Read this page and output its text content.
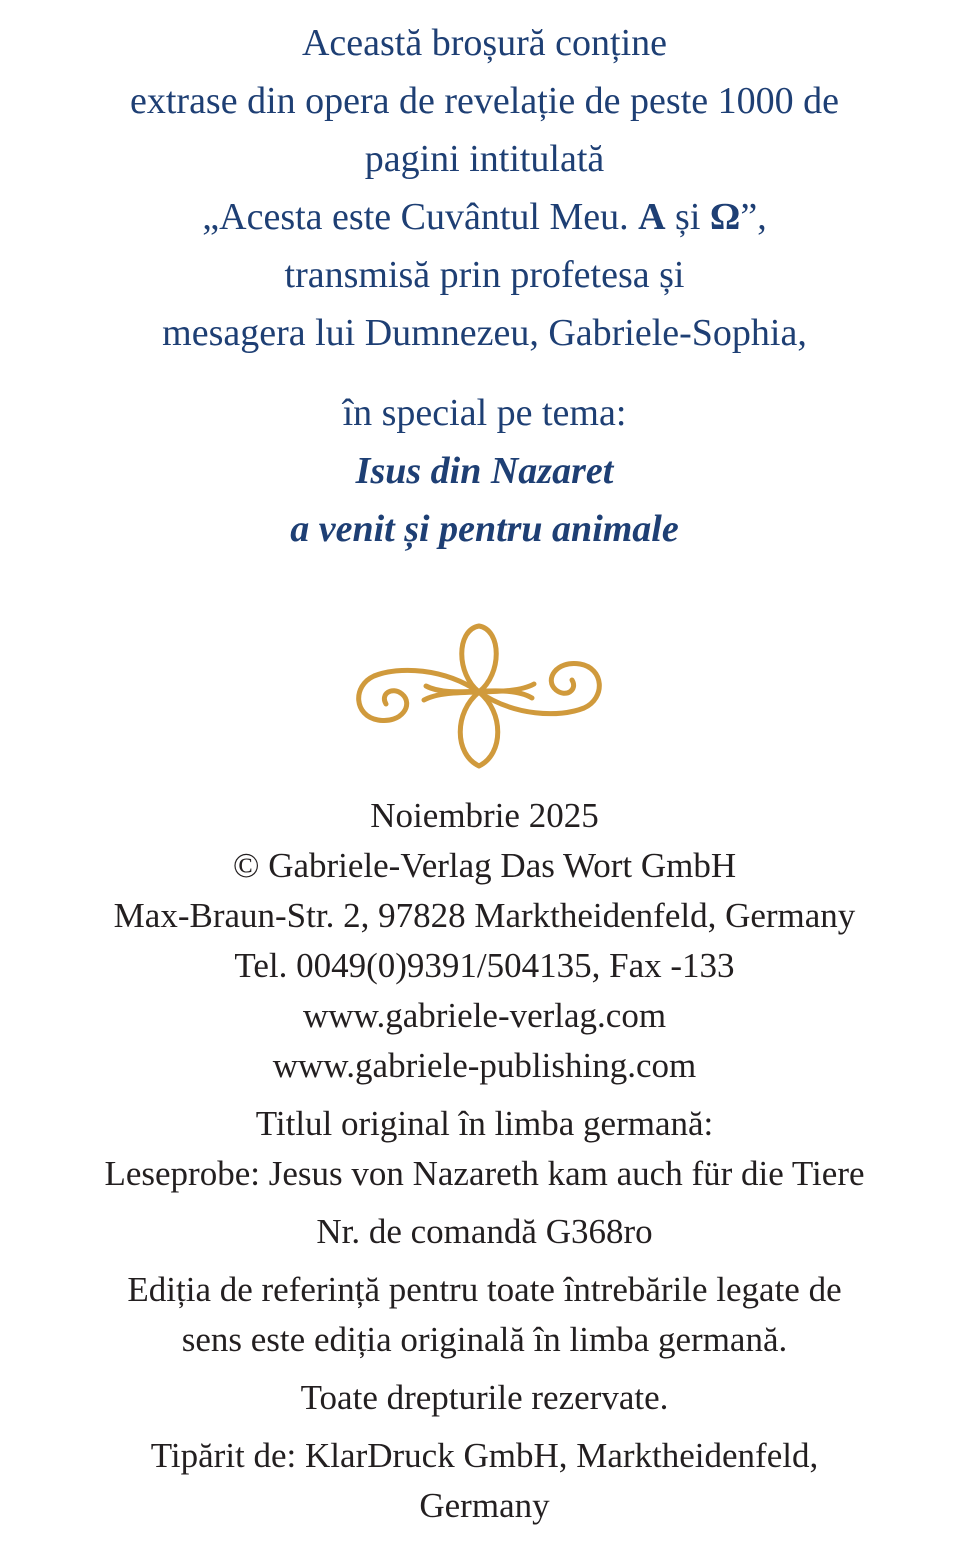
Această broșură conține
extrase din opera de revelație de peste 1000 de
pagini intitulată
„Acesta este Cuvântul Meu. A și Ω”,
transmisă prin profetesa și
mesagera lui Dumnezeu, Gabriele-Sophia,
în special pe tema:
Isus din Nazaret
a venit și pentru animale
Noiembrie 2025
© Gabriele-Verlag Das Wort GmbH
Max-Braun-Str. 2, 97828 Marktheidenfeld, Germany
Tel. 0049(0)9391/504135, Fax -133
www.gabriele-verlag.com
www.gabriele-publishing.com
Titlul original în limba germană:
Leseprobe: Jesus von Nazareth kam auch für die Tiere
Nr. de comandă G368ro
Ediția de referință pentru toate întrebările legate de
sens este ediția originală în limba germană.
Toate drepturile rezervate.
Tipărit de: KlarDruck GmbH, Marktheidenfeld,
Germany
